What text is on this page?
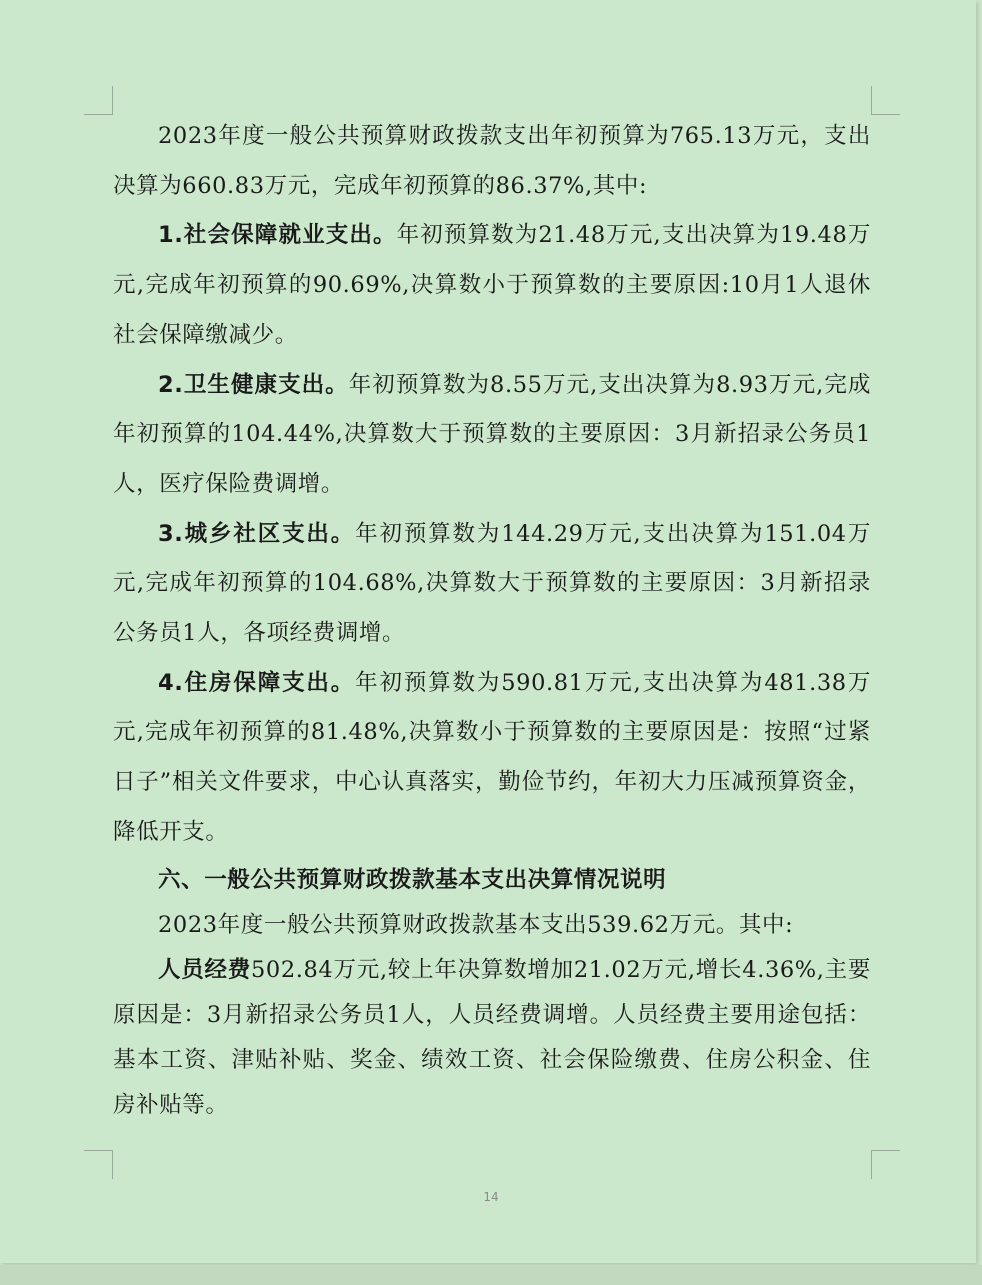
2023年度一般公共预算财政拨款支出年初预算为765.13万元，支出决算为660.83万元，完成年初预算的86.37%,其中:

1.社会保障就业支出。年初预算数为21.48万元,支出决算为19.48万元,完成年初预算的90.69%,决算数小于预算数的主要原因:10月1人退休社会保障缴减少。

2.卫生健康支出。年初预算数为8.55万元,支出决算为8.93万元,完成年初预算的104.44%,决算数大于预算数的主要原因：3月新招录公务员1人，医疗保险费调增。

3.城乡社区支出。年初预算数为144.29万元,支出决算为151.04万元,完成年初预算的104.68%,决算数大于预算数的主要原因：3月新招录公务员1人，各项经费调增。

4.住房保障支出。年初预算数为590.81万元,支出决算为481.38万元,完成年初预算的81.48%,决算数小于预算数的主要原因是：按照“过紧日子”相关文件要求，中心认真落实，勤俭节约，年初大力压减预算资金，降低开支。

六、一般公共预算财政拨款基本支出决算情况说明

2023年度一般公共预算财政拨款基本支出539.62万元。其中:

人员经费502.84万元,较上年决算数增加21.02万元,增长4.36%,主要原因是：3月新招录公务员1人，人员经费调增。人员经费主要用途包括：基本工资、津贴补贴、奖金、绩效工资、社会保险缴费、住房公积金、住房补贴等。

14
